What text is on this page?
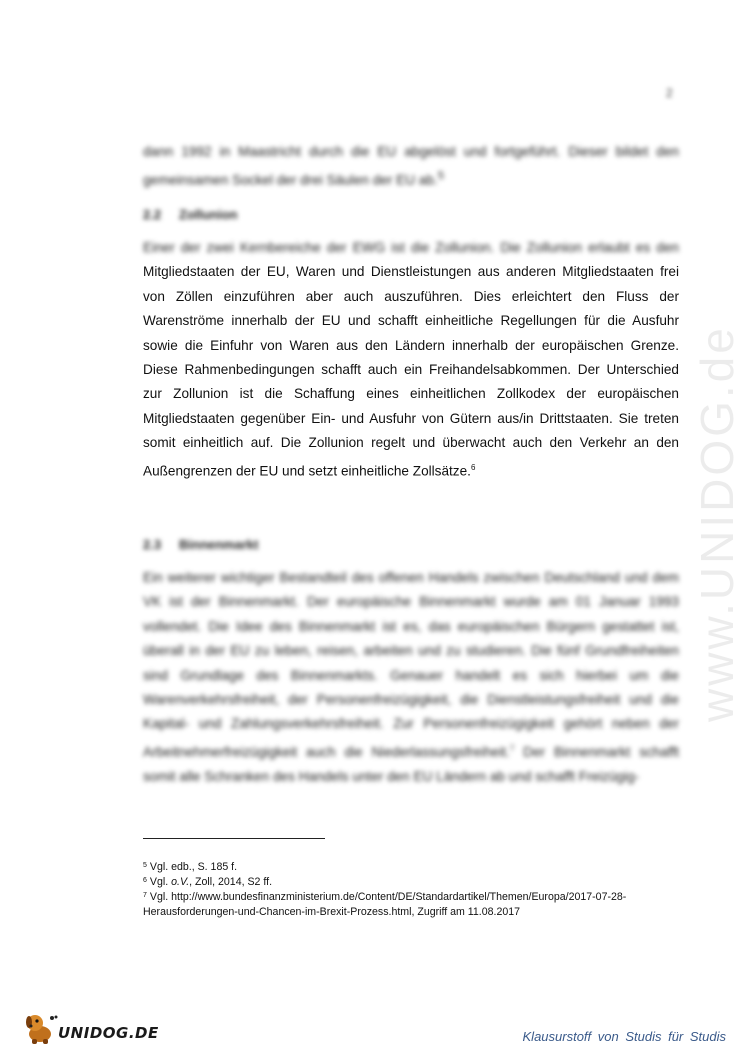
2
dann 1992 in Maastricht durch die EU abgelöst und fortgeführt. Dieser bildet den gemeinsamen Sockel der drei Säulen der EU ab.$^5$
2.2 Zollunion
Einer der zwei Kernbereiche der EWG ist die Zollunion. Die Zollunion erlaubt es den
Mitgliedstaaten der EU, Waren und Dienstleistungen aus anderen Mitgliedstaaten frei von Zöllen einzuführen aber auch auszuführen. Dies erleichtert den Fluss der Warenströme innerhalb der EU und schafft einheitliche Regellungen für die Ausfuhr sowie die Einfuhr von Waren aus den Ländern innerhalb der europäischen Grenze. Diese Rahmenbedingungen schafft auch ein Freihandelsabkommen. Der Unterschied zur Zollunion ist die Schaffung eines einheitlichen Zollkodex der europäischen Mitgliedstaaten gegenüber Ein- und Ausfuhr von Gütern aus/in Drittstaaten. Sie treten somit einheitlich auf. Die Zollunion regelt und überwacht auch den Verkehr an den Außengrenzen der EU und setzt einheitliche Zollsätze.$^6$
2.3 Binnenmarkt
Ein weiterer wichtiger Bestandteil des offenen Handels zwischen Deutschland und dem VK ist der Binnenmarkt. Der europäische Binnenmarkt wurde am 01 Januar 1993 vollendet. Die Idee des Binnenmarkt ist es, das europäischen Bürgern gestattet ist, überall in der EU zu leben, reisen, arbeiten und zu studieren. Die fünf Grundfreiheiten sind Grundlage des Binnenmarkts. Genauer handelt es sich hierbei um die Warenverkehrsfreiheit, der Personenfreizügigkeit, die Dienstleistungsfreiheit und die Kapital- und Zahlungsverkehrsfreiheit. Zur Personenfreizügigkeit gehört neben der Arbeitnehmerfreizügigkeit auch die Niederlassungsfreiheit.$^7$ Der Binnenmarkt schafft somit alle Schranken des Handels unter den EU Ländern ab und schafft Freizügig-

$^5$ Vgl. edb., S. 185 f.

$^6$ Vgl. o.V., Zoll, 2014, S2 ff.

$^7$ Vgl. http://www.bundesfinanzministerium.de/Content/DE/Standardartikel/Themen/Europa/2017-07-28-Herausforderungen-und-Chancen-im-Brexit-Prozess.html, Zugriff am 11.08.2017

www.UNIDOG.de
UNIDOG.DE	Klausurstoff von Studis für Studis
